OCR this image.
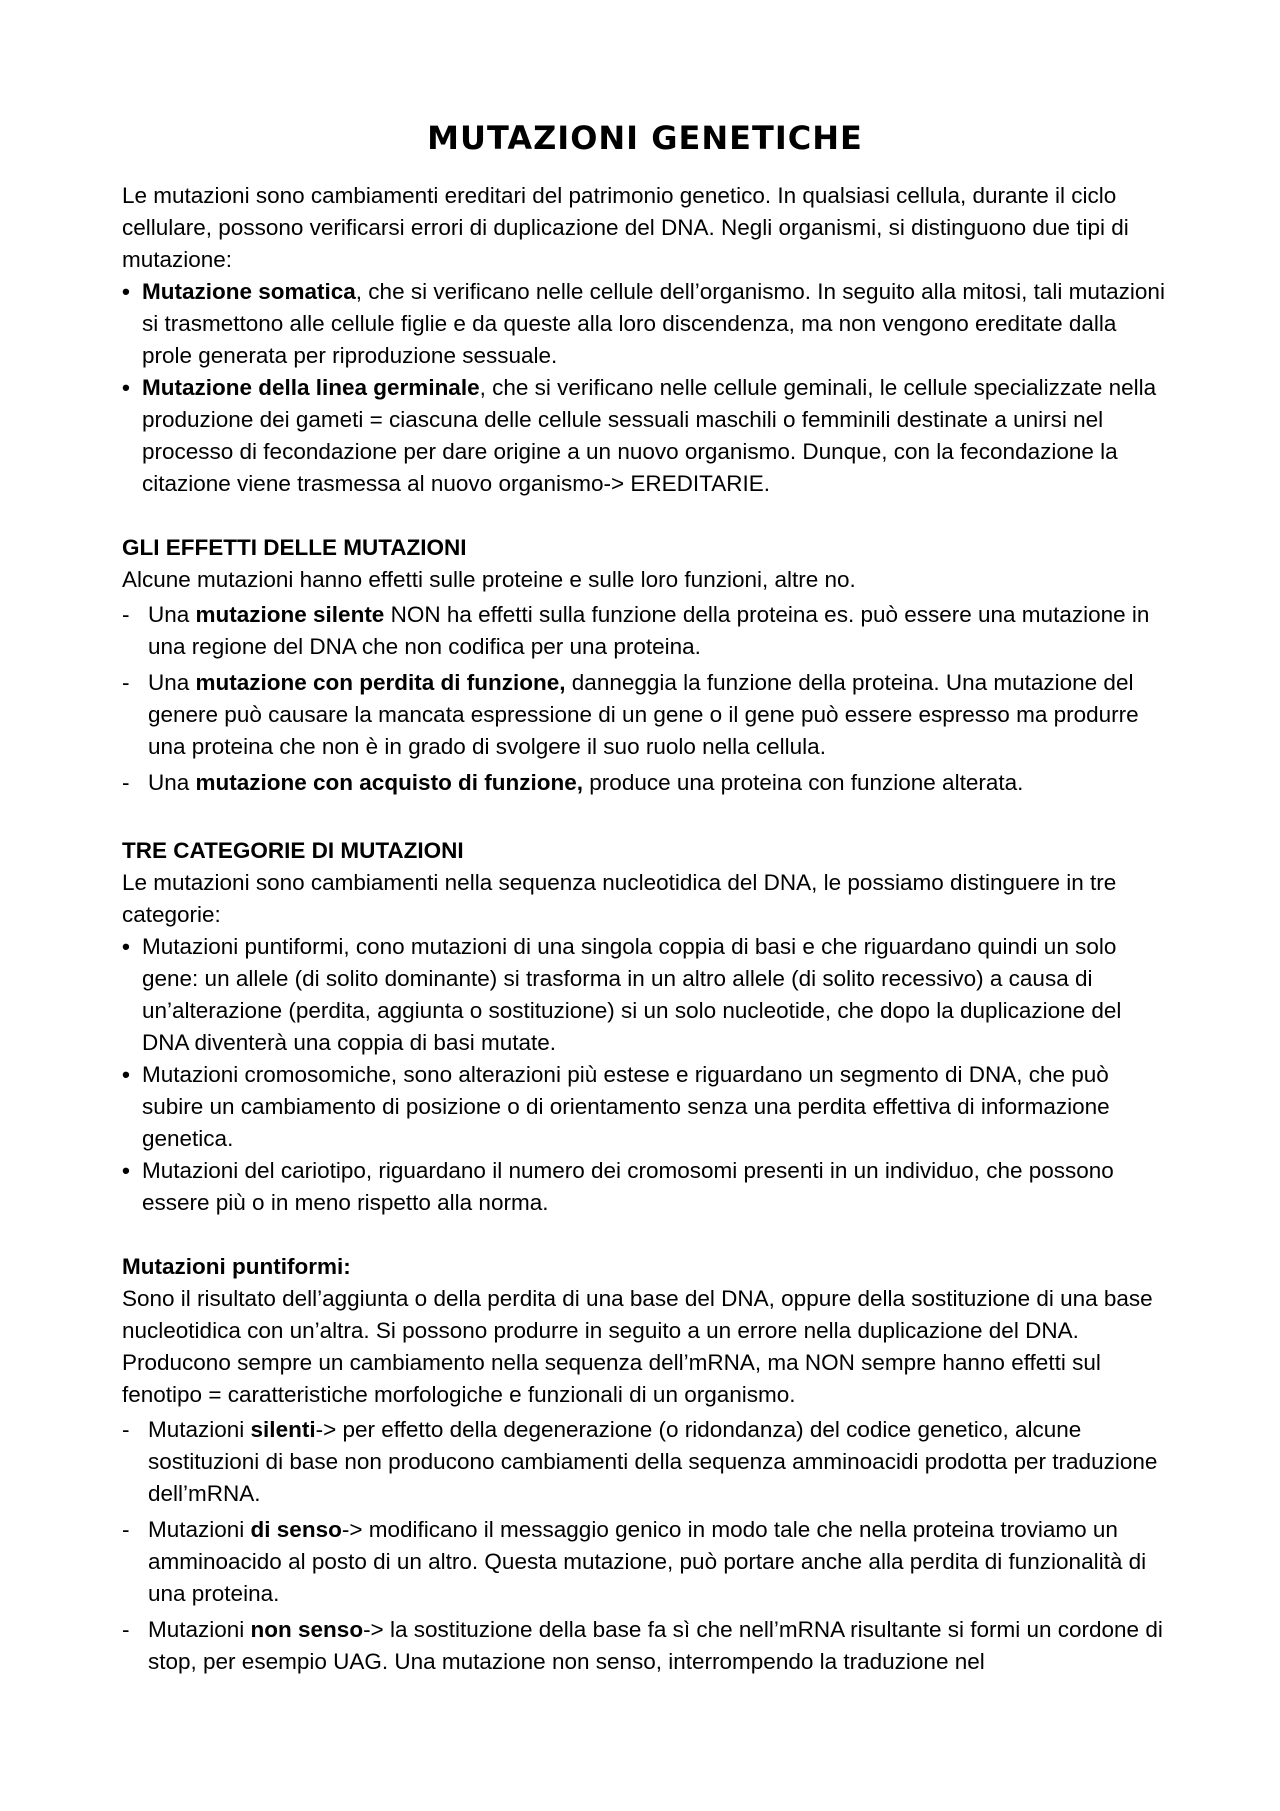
MUTAZIONI GENETICHE

Le mutazioni sono cambiamenti ereditari del patrimonio genetico. In qualsiasi cellula, durante il ciclo cellulare, possono verificarsi errori di duplicazione del DNA. Negli organismi, si distinguono due tipi di mutazione:

• Mutazione somatica, che si verificano nelle cellule dell’organismo. In seguito alla mitosi, tali mutazioni si trasmettono alle cellule figlie e da queste alla loro discendenza, ma non vengono ereditate dalla prole generata per riproduzione sessuale.
• Mutazione della linea germinale, che si verificano nelle cellule geminali, le cellule specializzate nella produzione dei gameti = ciascuna delle cellule sessuali maschili o femminili destinate a unirsi nel processo di fecondazione per dare origine a un nuovo organismo. Dunque, con la fecondazione la citazione viene trasmessa al nuovo organismo-> EREDITARIE.

GLI EFFETTI DELLE MUTAZIONI

Alcune mutazioni hanno effetti sulle proteine e sulle loro funzioni, altre no.

- Una mutazione silente NON ha effetti sulla funzione della proteina es. può essere una mutazione in una regione del DNA che non codifica per una proteina.
- Una mutazione con perdita di funzione, danneggia la funzione della proteina. Una mutazione del genere può causare la mancata espressione di un gene o il gene può essere espresso ma produrre una proteina che non è in grado di svolgere il suo ruolo nella cellula.
- Una mutazione con acquisto di funzione, produce una proteina con funzione alterata.

TRE CATEGORIE DI MUTAZIONI

Le mutazioni sono cambiamenti nella sequenza nucleotidica del DNA, le possiamo distinguere in tre categorie:

• Mutazioni puntiformi, cono mutazioni di una singola coppia di basi e che riguardano quindi un solo gene: un allele (di solito dominante) si trasforma in un altro allele (di solito recessivo) a causa di un’alterazione (perdita, aggiunta o sostituzione) si un solo nucleotide, che dopo la duplicazione del DNA diventerà una coppia di basi mutate.
• Mutazioni cromosomiche, sono alterazioni più estese e riguardano un segmento di DNA, che può subire un cambiamento di posizione o di orientamento senza una perdita effettiva di informazione genetica.
• Mutazioni del cariotipo, riguardano il numero dei cromosomi presenti in un individuo, che possono essere più o in meno rispetto alla norma.

Mutazioni puntiformi:

Sono il risultato dell’aggiunta o della perdita di una base del DNA, oppure della sostituzione di una base nucleotidica con un’altra. Si possono produrre in seguito a un errore nella duplicazione del DNA. Producono sempre un cambiamento nella sequenza dell’mRNA, ma NON sempre hanno effetti sul fenotipo = caratteristiche morfologiche e funzionali di un organismo.

- Mutazioni silenti-> per effetto della degenerazione (o ridondanza) del codice genetico, alcune sostituzioni di base non producono cambiamenti della sequenza amminoacidi prodotta per traduzione dell’mRNA.
- Mutazioni di senso-> modificano il messaggio genico in modo tale che nella proteina troviamo un amminoacido al posto di un altro. Questa mutazione, può portare anche alla perdita di funzionalità di una proteina.
- Mutazioni non senso-> la sostituzione della base fa sì che nell’mRNA risultante si formi un cordone di stop, per esempio UAG. Una mutazione non senso, interrompendo la traduzione nel
